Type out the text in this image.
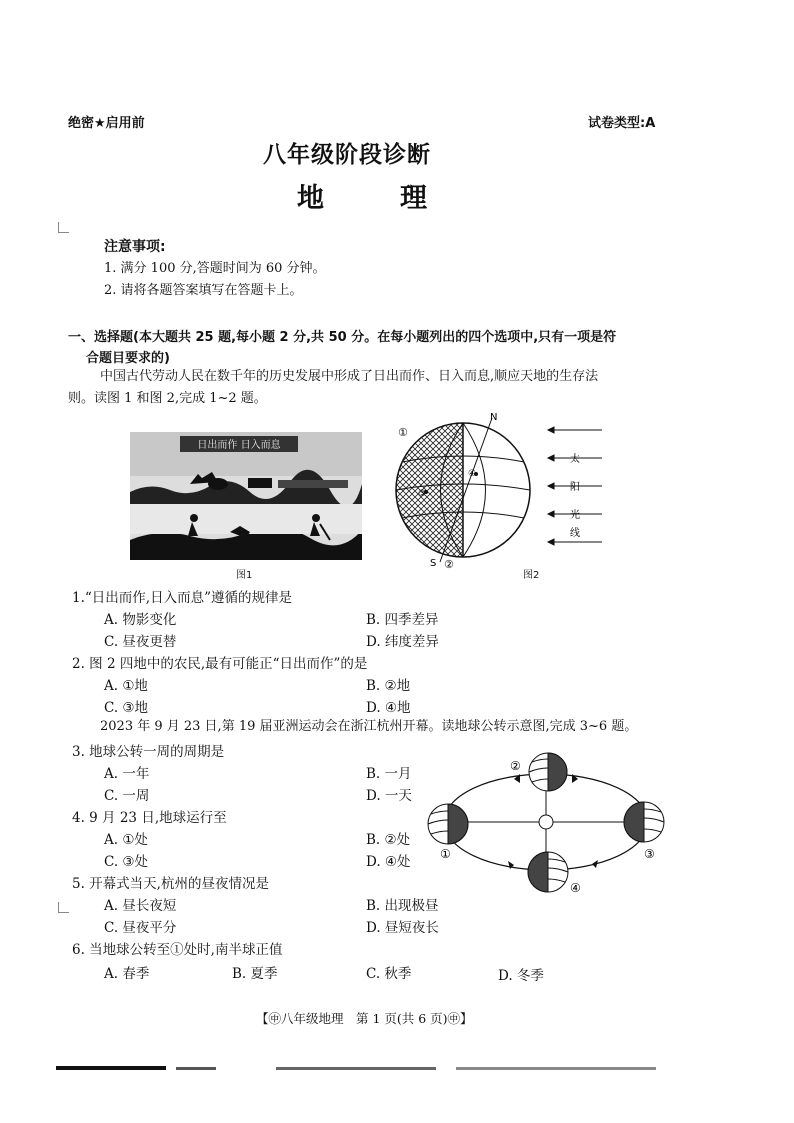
绝密★启用前	试卷类型:A
八年级阶段诊断
地	理
注意事项:
1. 满分 100 分,答题时间为 60 分钟。
2. 请将各题答案填写在答题卡上。
一、选择题(本大题共 25 题,每小题 2 分,共 50 分。在每小题列出的四个选项中,只有一项是符
合题目要求的)
中国古代劳动人民在数千年的历史发展中形成了日出而作、日入而息,顺应天地的生存法
则。读图 1 和图 2,完成 1~2 题。
日出而作 日入而息
图1
N
S
①
②
③
④
太
阳
光
线
图2
1.“日出而作,日入而息”遵循的规律是
A. 物影变化	B. 四季差异
C. 昼夜更替	D. 纬度差异
2. 图 2 四地中的农民,最有可能正“日出而作”的是
A. ①地	B. ②地
C. ③地	D. ④地
2023 年 9 月 23 日,第 19 届亚洲运动会在浙江杭州开幕。读地球公转示意图,完成 3~6 题。
3. 地球公转一周的周期是
A. 一年	B. 一月
C. 一周	D. 一天
4. 9 月 23 日,地球运行至
A. ①处	B. ②处
C. ③处	D. ④处
5. 开幕式当天,杭州的昼夜情况是
A. 昼长夜短	B. 出现极昼
C. 昼夜平分	D. 昼短夜长
6. 当地球公转至①处时,南半球正值
A. 春季	B. 夏季	C. 秋季	D. 冬季
①
②
③
④
【㊥八年级地理　第 1 页(共 6 页)㊥】
